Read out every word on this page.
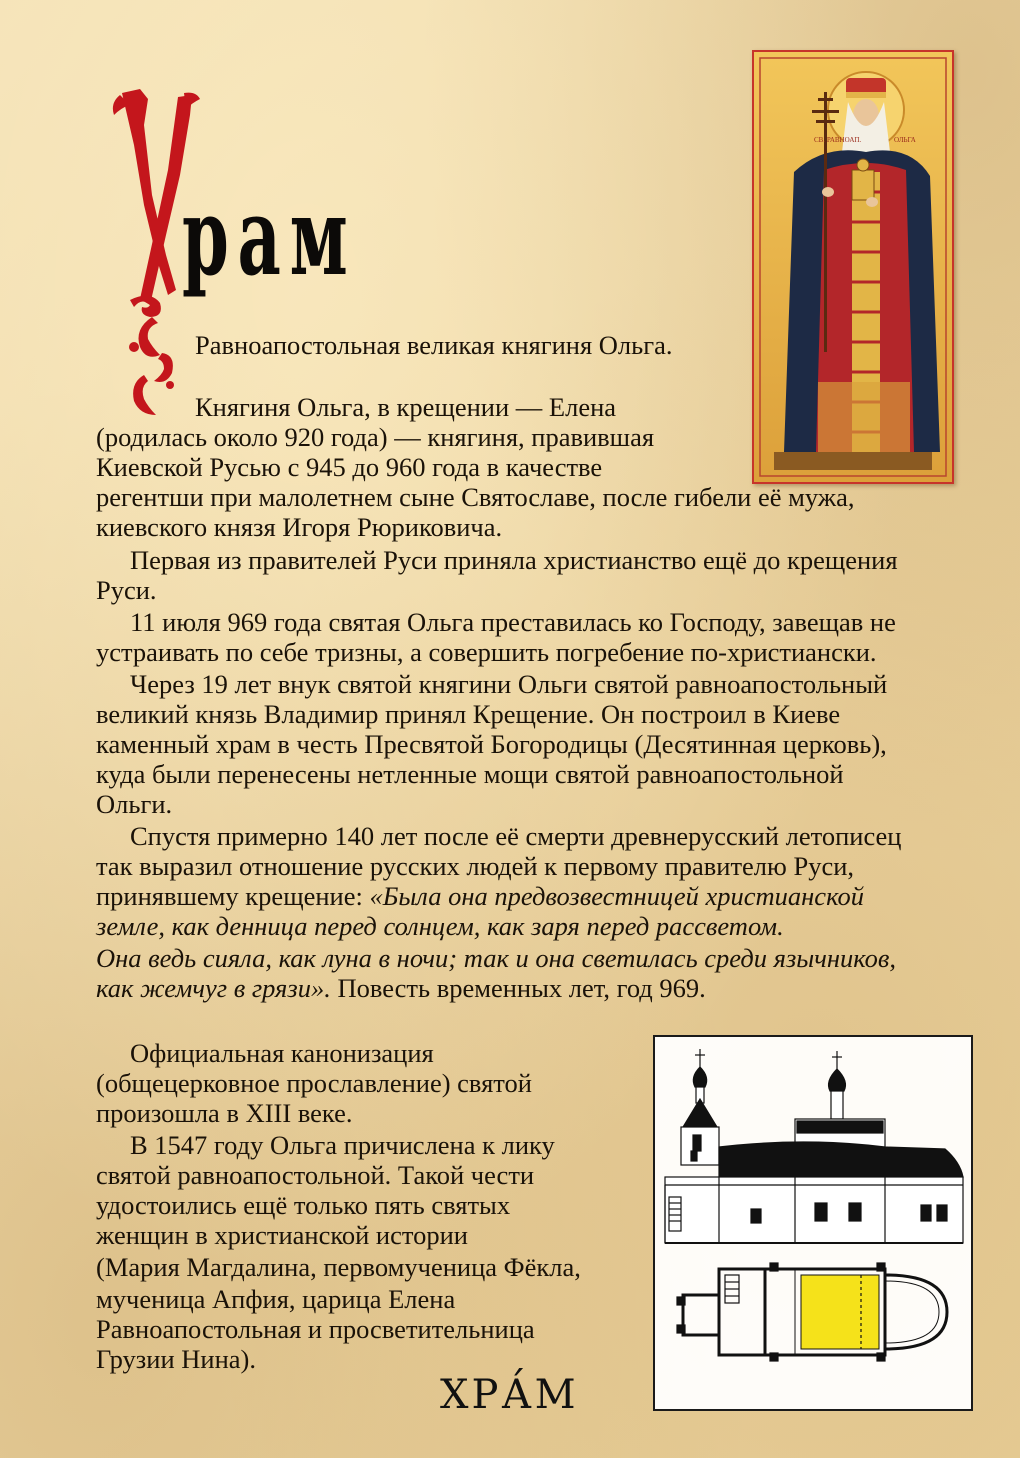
рам
СВ. РАВНОАП.	ОЛЬГА
Равноапостольная великая княгиня Ольга.
Княгиня Ольга, в крещении — Елена
(родилась около 920 года) — княгиня, правившая
Киевской Русью с 945 до 960 года в качестве
регентши при малолетнем сыне Святославе, после гибели её мужа,
киевского князя Игоря Рюриковича.
Первая из правителей Руси приняла христианство ещё до крещения
Руси.
11 июля 969 года святая Ольга преставилась ко Господу, завещав не
устраивать по себе тризны, а совершить погребение по-христиански.
Через 19 лет внук святой княгини Ольги святой равноапостольный
великий князь Владимир принял Крещение. Он построил в Киеве
каменный храм в честь Пресвятой Богородицы (Десятинная церковь),
куда были перенесены нетленные мощи святой равноапостольной
Ольги.
Спустя примерно 140 лет после её смерти древнерусский летописец
так выразил отношение русских людей к первому правителю Руси,
принявшему крещение: «Была она предвозвестницей христианской
земле, как денница перед солнцем, как заря перед рассветом.
Она ведь сияла, как луна в ночи; так и она светилась среди язычников,
как жемчуг в грязи». Повесть временных лет, год 969.
Официальная канонизация
(общецерковное прославление) святой
произошла в XIII веке.
В 1547 году Ольга причислена к лику
святой равноапостольной. Такой чести
удостоились ещё только пять святых
женщин в христианской истории
(Мария Магдалина, первомученица Фёкла,
мученица Апфия, царица Елена
Равноапостольная и просветительница
Грузии Нина).
ХРА́М
